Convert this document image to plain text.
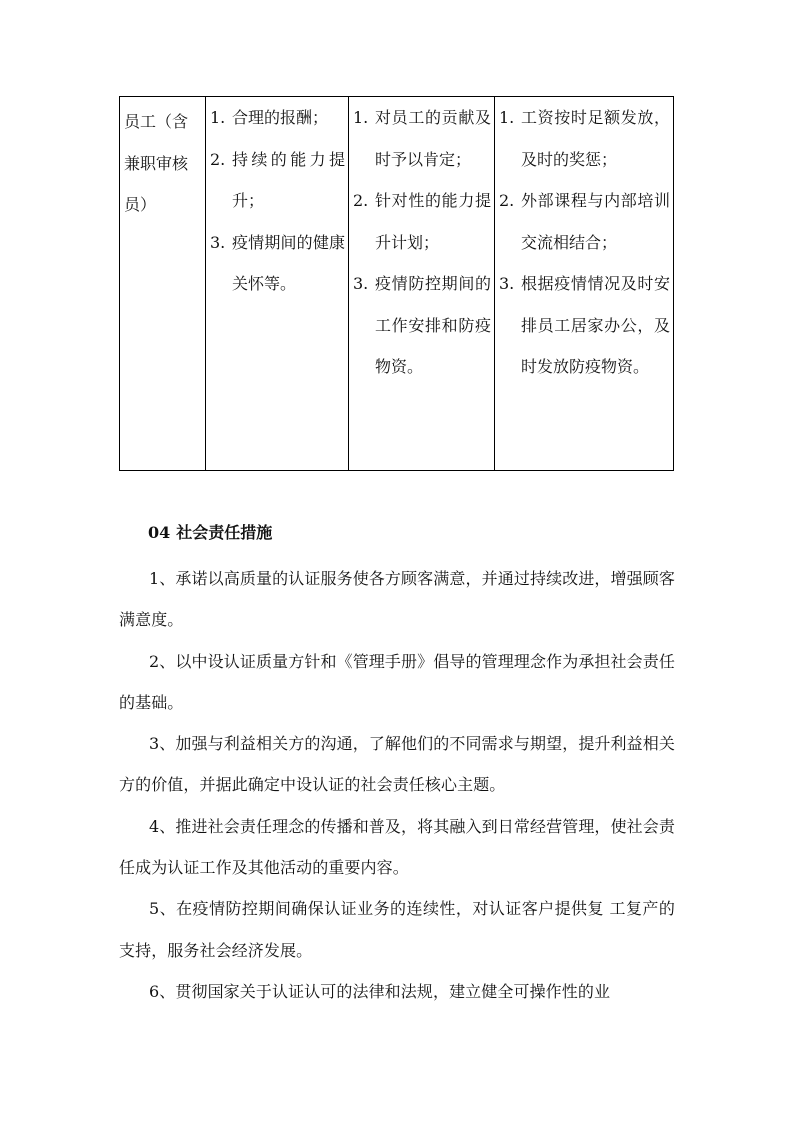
员工（含兼职审核员）

1. 合理的报酬；
2. 持续的能力提升；
3. 疫情期间的健康关怀等。

1. 对员工的贡献及时予以肯定；
2. 针对性的能力提升计划；
3. 疫情防控期间的工作安排和防疫物资。

1. 工资按时足额发放，及时的奖惩；
2. 外部课程与内部培训交流相结合；
3. 根据疫情情况及时安排员工居家办公，及时发放防疫物资。
04 社会责任措施

1、承诺以高质量的认证服务使各方顾客满意，并通过持续改进，增强顾客满意度。

2、以中设认证质量方针和《管理手册》倡导的管理理念作为承担社会责任的基础。

3、加强与利益相关方的沟通，了解他们的不同需求与期望，提升利益相关方的价值，并据此确定中设认证的社会责任核心主题。

4、推进社会责任理念的传播和普及，将其融入到日常经营管理，使社会责任成为认证工作及其他活动的重要内容。

5、在疫情防控期间确保认证业务的连续性，对认证客户提供复 工复产的支持，服务社会经济发展。

6、贯彻国家关于认证认可的法律和法规，建立健全可操作性的业
